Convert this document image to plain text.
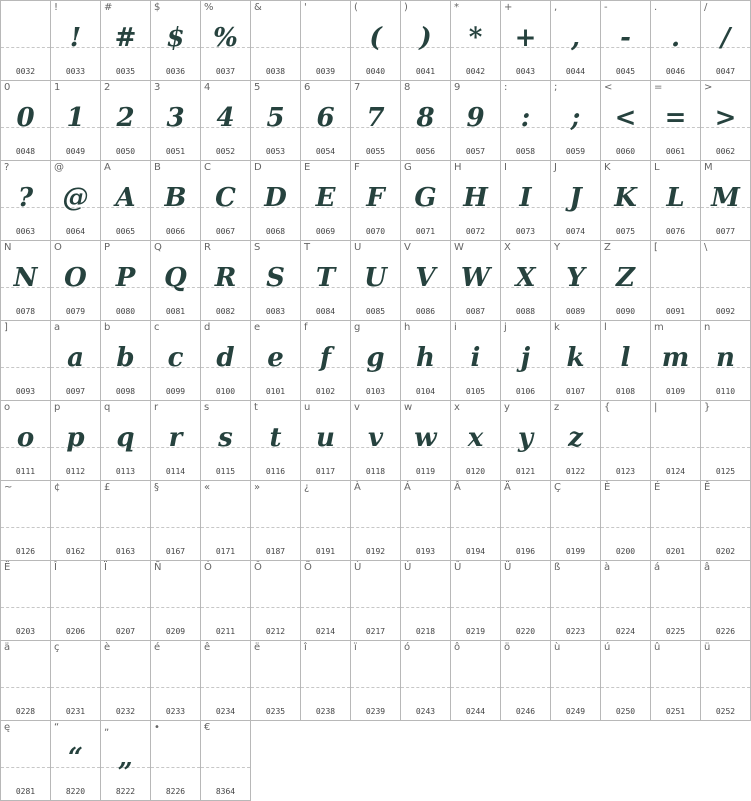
0032
!
!
0033
#
#
0035
$
$
0036
%
%
0037
&
0038
'
0039
(
(
0040
)
)
0041
*
*
0042
+
+
0043
,
,
0044
-
-
0045
.
.
0046
/
/
0047
0
0
0048
1
1
0049
2
2
0050
3
3
0051
4
4
0052
5
5
0053
6
6
0054
7
7
0055
8
8
0056
9
9
0057
:
:
0058
;
;
0059
<
<
0060
=
=
0061
>
>
0062
?
?
0063
@
@
0064
A
A
0065
B
B
0066
C
C
0067
D
D
0068
E
E
0069
F
F
0070
G
G
0071
H
H
0072
I
I
0073
J
J
0074
K
K
0075
L
L
0076
M
M
0077
N
N
0078
O
O
0079
P
P
0080
Q
Q
0081
R
R
0082
S
S
0083
T
T
0084
U
U
0085
V
V
0086
W
W
0087
X
X
0088
Y
Y
0089
Z
Z
0090
[
0091
\
0092
]
0093
a
a
0097
b
b
0098
c
c
0099
d
d
0100
e
e
0101
f
f
0102
g
g
0103
h
h
0104
i
i
0105
j
j
0106
k
k
0107
l
l
0108
m
m
0109
n
n
0110
o
o
0111
p
p
0112
q
q
0113
r
r
0114
s
s
0115
t
t
0116
u
u
0117
v
v
0118
w
w
0119
x
x
0120
y
y
0121
z
z
0122
{
0123
|
0124
}
0125
~
0126
¢
0162
£
0163
§
0167
«
0171
»
0187
¿
0191
À
0192
Á
0193
Â
0194
Ä
0196
Ç
0199
È
0200
É
0201
Ê
0202
Ë
0203
Î
0206
Ï
0207
Ñ
0209
Ó
0211
Ô
0212
Ö
0214
Ù
0217
Ú
0218
Û
0219
Ü
0220
ß
0223
à
0224
á
0225
â
0226
ä
0228
ç
0231
è
0232
é
0233
ê
0234
ë
0235
î
0238
ï
0239
ó
0243
ô
0244
ö
0246
ù
0249
ú
0250
û
0251
ü
0252
ę
0281
“
“
8220
„
„
8222
•
8226
€
8364
